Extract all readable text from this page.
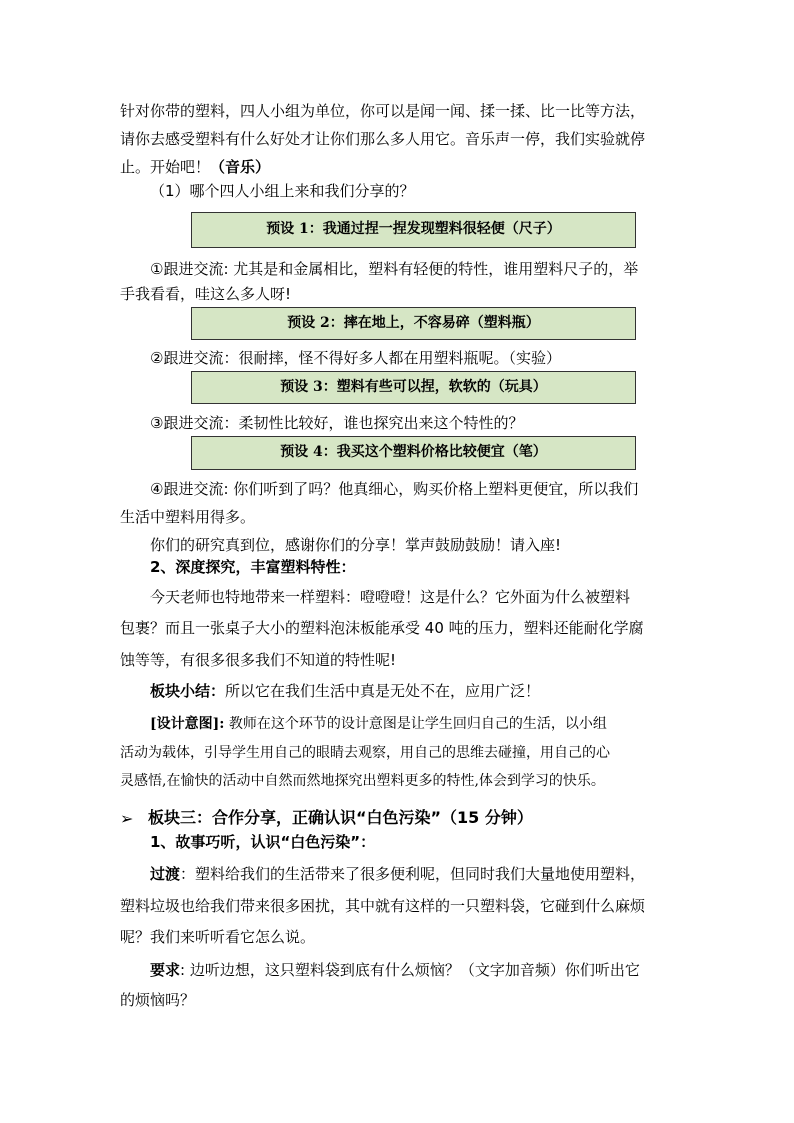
针对你带的塑料，四人小组为单位，你可以是闻一闻、揉一揉、比一比等方法，
请你去感受塑料有什么好处才让你们那么多人用它。音乐声一停，我们实验就停
止。开始吧！（音乐）
（1）哪个四人小组上来和我们分享的？
预设 1：我通过捏一捏发现塑料很轻便（尺子）
①跟进交流: 尤其是和金属相比，塑料有轻便的特性，谁用塑料尺子的，举
手我看看，哇这么多人呀!
预设 2：摔在地上，不容易碎（塑料瓶）
②跟进交流：很耐摔，怪不得好多人都在用塑料瓶呢。（实验）
预设 3：塑料有些可以捏，软软的（玩具）
③跟进交流：柔韧性比较好，谁也探究出来这个特性的？
预设 4：我买这个塑料价格比较便宜（笔）
④跟进交流: 你们听到了吗？他真细心，购买价格上塑料更便宜，所以我们
生活中塑料用得多。
你们的研究真到位，感谢你们的分享！掌声鼓励鼓励！请入座!
2、深度探究，丰富塑料特性：
今天老师也特地带来一样塑料：噔噔噔！这是什么？它外面为什么被塑料
包裹？而且一张桌子大小的塑料泡沫板能承受 40 吨的压力，塑料还能耐化学腐
蚀等等，有很多很多我们不知道的特性呢!
板块小结：所以它在我们生活中真是无处不在，应用广泛！
[设计意图]: 教师在这个环节的设计意图是让学生回归自己的生活，以小组
活动为载体，引导学生用自己的眼睛去观察，用自己的思维去碰撞，用自己的心
灵感悟,在愉快的活动中自然而然地探究出塑料更多的特性,体会到学习的快乐。
➢ 板块三：合作分享，正确认识“白色污染”（15 分钟）
1、故事巧听，认识“白色污染”：
过渡：塑料给我们的生活带来了很多便利呢，但同时我们大量地使用塑料，
塑料垃圾也给我们带来很多困扰，其中就有这样的一只塑料袋，它碰到什么麻烦
呢？我们来听听看它怎么说。
要求: 边听边想，这只塑料袋到底有什么烦恼？（文字加音频）你们听出它
的烦恼吗？
